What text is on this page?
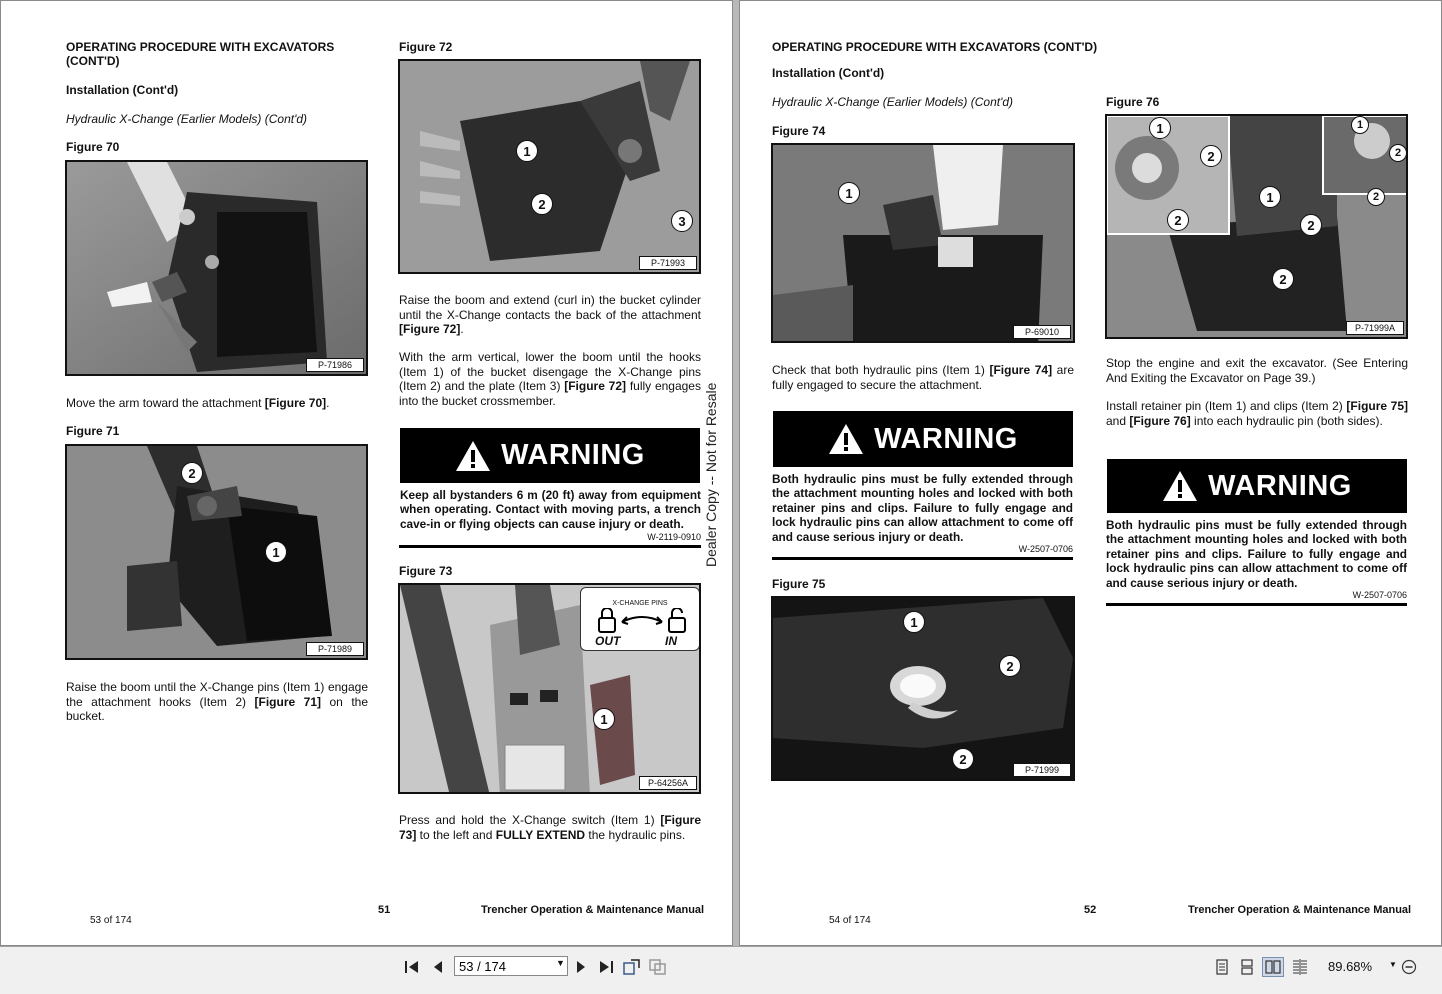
OPERATING PROCEDURE WITH EXCAVATORS (CONT'D)
Installation (Cont'd)
Hydraulic X-Change (Earlier Models) (Cont'd)
Figure 70
P-71986
Move the arm toward the attachment [Figure 70].
Figure 71
2
1
P-71989
Raise the boom until the X-Change pins (Item 1) engage the attachment hooks (Item 2) [Figure 71] on the bucket.
Figure 72
1
2
3
P-71993
Raise the boom and extend (curl in) the bucket cylinder until the X-Change contacts the back of the attachment [Figure 72].
With the arm vertical, lower the boom until the hooks (Item 1) of the bucket disengage the X-Change pins (Item 2) and the plate (Item 3) [Figure 72] fully engages into the bucket crossmember.
WARNING
Keep all bystanders 6 m (20 ft) away from equipment when operating. Contact with moving parts, a trench cave-in or flying objects can cause injury or death.
W-2119-0910
Figure 73
X-CHANGE PINS
OUT	IN
1
P-64256A
Press and hold the X-Change switch (Item 1) [Figure 73] to the left and FULLY EXTEND the hydraulic pins.
51	Trencher Operation & Maintenance Manual
53 of 174
Dealer Copy -- Not for Resale
OPERATING PROCEDURE WITH EXCAVATORS (CONT'D)
Installation (Cont'd)
Hydraulic X-Change (Earlier Models) (Cont'd)
Figure 74
1
P-69010
Check that both hydraulic pins (Item 1) [Figure 74] are fully engaged to secure the attachment.
WARNING
Both hydraulic pins must be fully extended through the attachment mounting holes and locked with both retainer pins and clips. Failure to fully engage and lock hydraulic pins can allow attachment to come off and cause serious injury or death.
W-2507-0706
Figure 75
1
2
2
P-71999
Figure 76
1
2
2
1
2
2
1
2
2
P-71999A
Stop the engine and exit the excavator. (See Entering And Exiting the Excavator on Page 39.)
Install retainer pin (Item 1) and clips (Item 2) [Figure 75] and [Figure 76] into each hydraulic pin (both sides).
WARNING
Both hydraulic pins must be fully extended through the attachment mounting holes and locked with both retainer pins and clips. Failure to fully engage and lock hydraulic pins can allow attachment to come off and cause serious injury or death.
W-2507-0706
52	Trencher Operation & Maintenance Manual
54 of 174
53 / 174
▼	89.68% ▼
